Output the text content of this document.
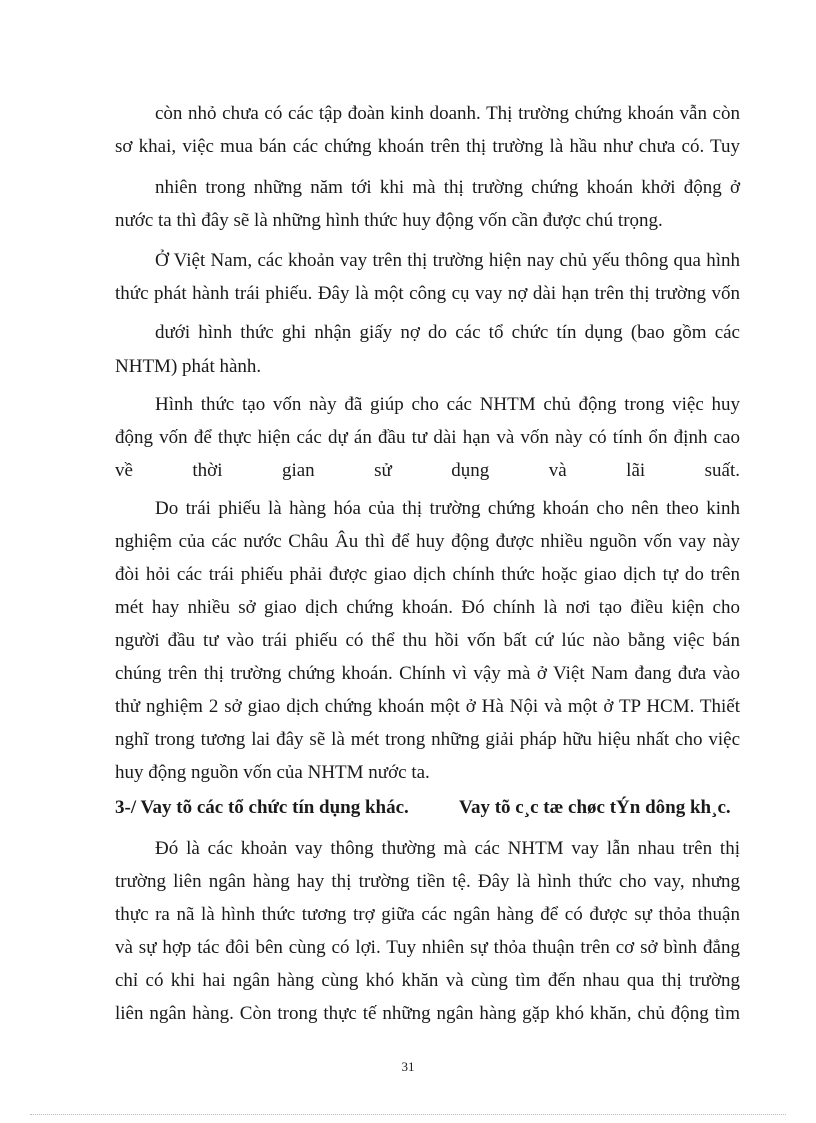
còn nhỏ chưa có các tập đoàn kinh doanh. Thị trường chứng khoán vẫn còn
sơ khai, việc mua bán các chứng khoán trên thị trường là hầu như chưa có. Tuy
nhiên trong những năm tới khi mà thị trường chứng khoán khởi động ở
nước ta thì đây sẽ là những hình thức huy động vốn cần được chú trọng.
Ở Việt Nam, các khoản vay trên thị trường hiện nay chủ yếu thông qua hình
thức phát hành trái phiếu. Đây là một công cụ vay nợ dài hạn trên thị trường vốn
dưới hình thức ghi nhận giấy nợ do các tổ chức tín dụng (bao gồm các
NHTM) phát hành.
Hình thức tạo vốn này đã giúp cho các NHTM chủ động trong việc huy
động vốn để thực hiện các dự án đầu tư dài hạn và vốn này có tính ổn định cao
về thời gian sử dụng và lãi suất.
Do trái phiếu là hàng hóa của thị trường chứng khoán cho nên theo kinh
nghiệm của các nước Châu Âu thì để huy động được nhiều nguồn vốn vay này
đòi hỏi các trái phiếu phải được giao dịch chính thức hoặc giao dịch tự do trên
mét hay nhiều sở giao dịch chứng khoán. Đó chính là nơi tạo điều kiện cho
người đầu tư vào trái phiếu có thể thu hồi vốn bất cứ lúc nào bằng việc bán
chúng trên thị trường chứng khoán. Chính vì vậy mà ở Việt Nam đang đưa vào
thử nghiệm 2 sở giao dịch chứng khoán một ở Hà Nội và một ở TP HCM. Thiết
nghĩ trong tương lai đây sẽ là mét trong những giải pháp hữu hiệu nhất cho việc
huy động nguồn vốn của NHTM nước ta.
3-/ Vay tõ các tổ chức tín dụng khác.	Vay tõ c¸c tæ chøc tÝn dông kh¸c.
Đó là các khoản vay thông thường mà các NHTM vay lẫn nhau trên thị
trường liên ngân hàng hay thị trường tiền tệ. Đây là hình thức cho vay, nhưng
thực ra nã là hình thức tương trợ giữa các ngân hàng để có được sự thỏa thuận
và sự hợp tác đôi bên cùng có lợi. Tuy nhiên sự thỏa thuận trên cơ sở bình đẳng
chỉ có khi hai ngân hàng cùng khó khăn và cùng tìm đến nhau qua thị trường
liên ngân hàng. Còn trong thực tế những ngân hàng gặp khó khăn, chủ động tìm
31
